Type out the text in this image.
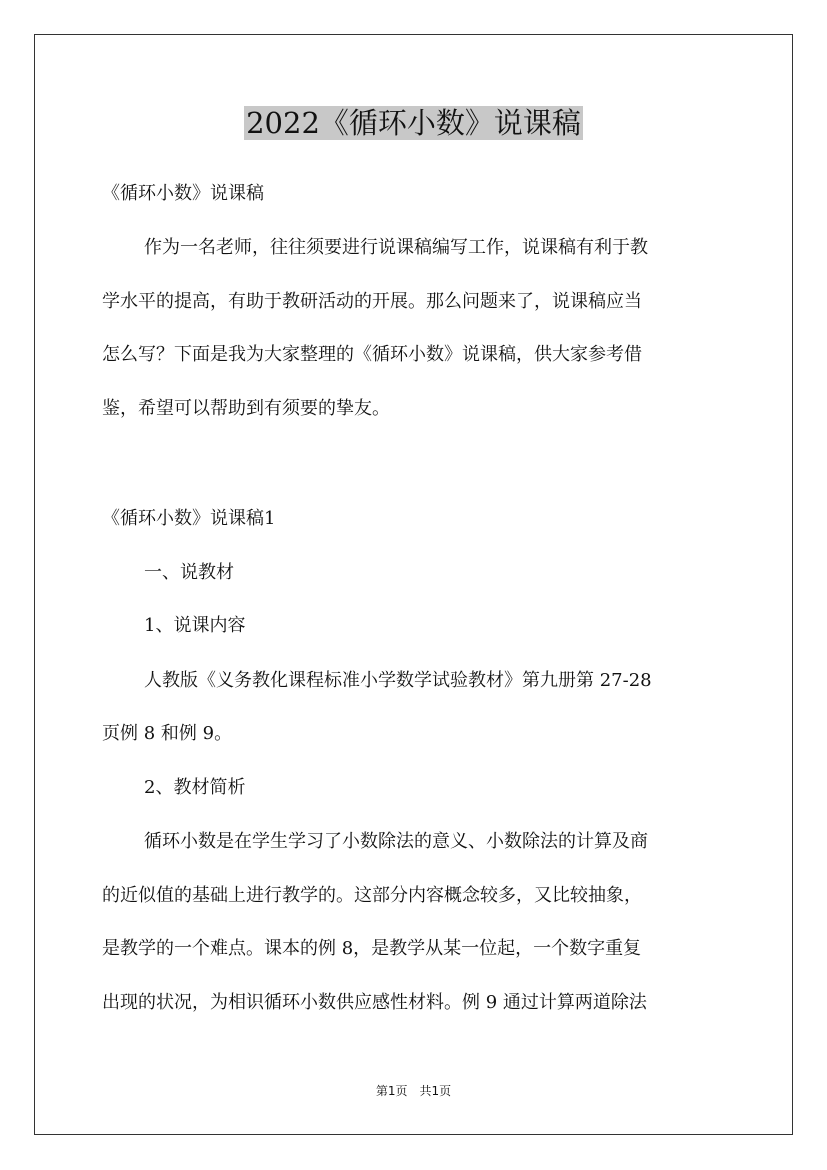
2022《循环小数》说课稿

《循环小数》说课稿

作为一名老师，往往须要进行说课稿编写工作，说课稿有利于教

学水平的提高，有助于教研活动的开展。那么问题来了，说课稿应当

怎么写？下面是我为大家整理的《循环小数》说课稿，供大家参考借

鉴，希望可以帮助到有须要的挚友。

《循环小数》说课稿1

一、说教材

1、说课内容

人教版《义务教化课程标准小学数学试验教材》第九册第 27-28

页例 8 和例 9。

2、教材简析

循环小数是在学生学习了小数除法的意义、小数除法的计算及商

的近似值的基础上进行教学的。这部分内容概念较多，又比较抽象，

是教学的一个难点。课本的例 8，是教学从某一位起，一个数字重复

出现的状况，为相识循环小数供应感性材料。例 9 通过计算两道除法

第1页　共1页
